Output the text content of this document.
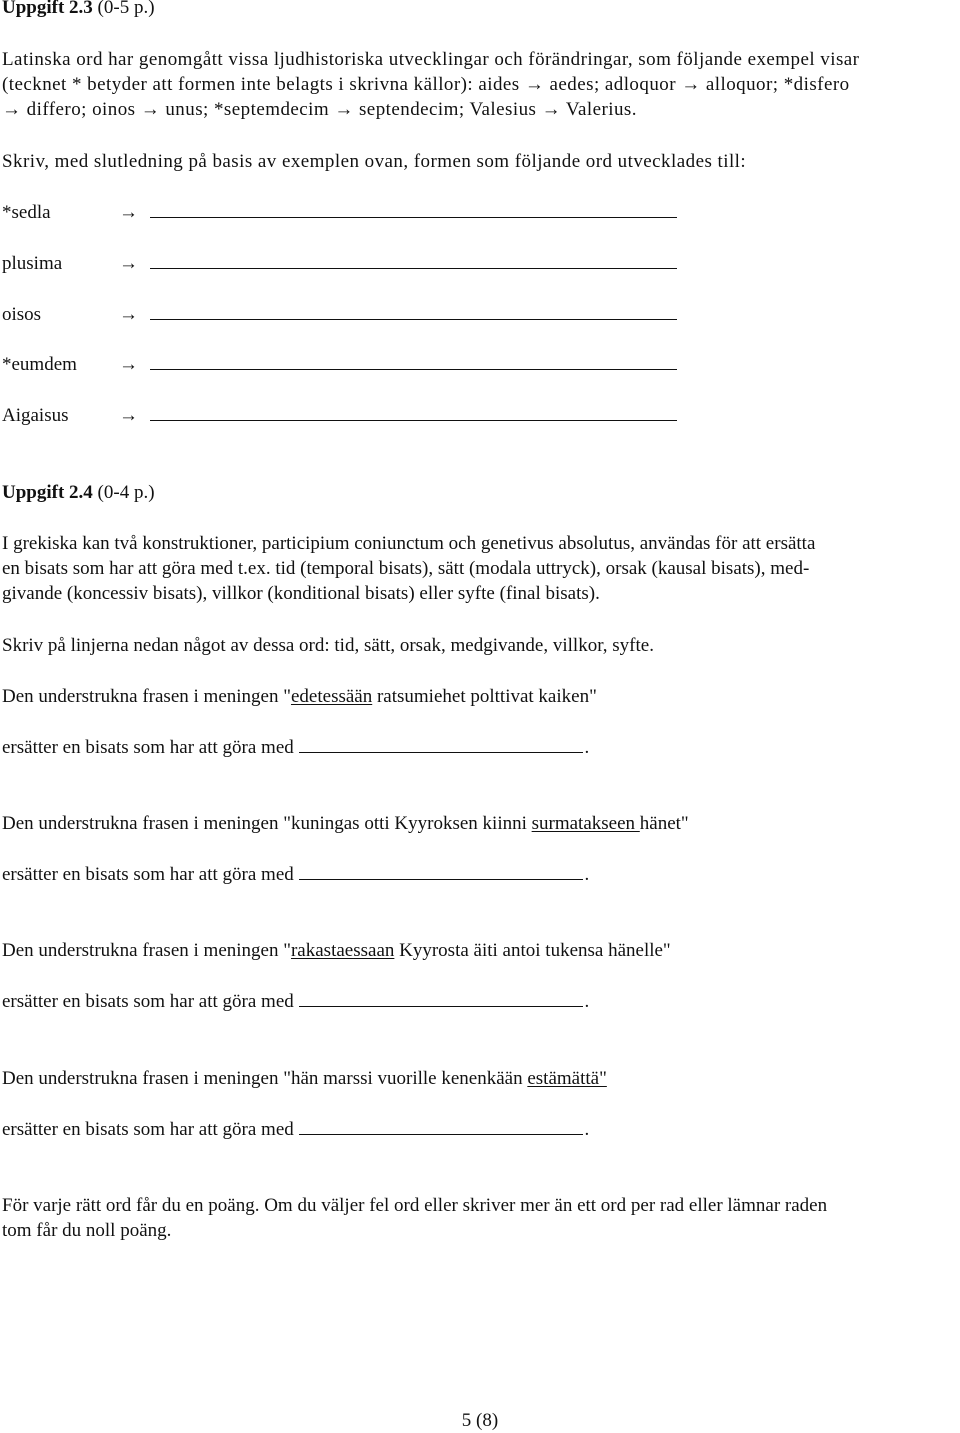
Uppgift 2.3 (0-5 p.)
Latinska ord har genomgått vissa ljudhistoriska utvecklingar och förändringar, som följande exempel visar
(tecknet * betyder att formen inte belagts i skrivna källor): aides → aedes; adloquor → alloquor; *disfero
→ differo; oinos → unus; *septemdecim → septendecim; Valesius → Valerius.
Skriv, med slutledning på basis av exemplen ovan, formen som följande ord utvecklades till:
*sedla	→
plusima	→
oisos	→
*eumdem →
Aigaisus	→
Uppgift 2.4 (0-4 p.)
I grekiska kan två konstruktioner, participium coniunctum och genetivus absolutus, användas för att ersätta
en bisats som har att göra med t.ex. tid (temporal bisats), sätt (modala uttryck), orsak (kausal bisats), med-
givande (koncessiv bisats), villkor (konditional bisats) eller syfte (final bisats).
Skriv på linjerna nedan något av dessa ord: tid, sätt, orsak, medgivande, villkor, syfte.
Den understrukna frasen i meningen "edetessään ratsumiehet polttivat kaiken"
ersätter en bisats som har att göra med	.
Den understrukna frasen i meningen "kuningas otti Kyyroksen kiinni surmatakseen hänet"
ersätter en bisats som har att göra med	.
Den understrukna frasen i meningen "rakastaessaan Kyyrosta äiti antoi tukensa hänelle"
ersätter en bisats som har att göra med	.
Den understrukna frasen i meningen "hän marssi vuorille kenenkään estämättä"
ersätter en bisats som har att göra med	.
För varje rätt ord får du en poäng. Om du väljer fel ord eller skriver mer än ett ord per rad eller lämnar raden
tom får du noll poäng.
5 (8)
